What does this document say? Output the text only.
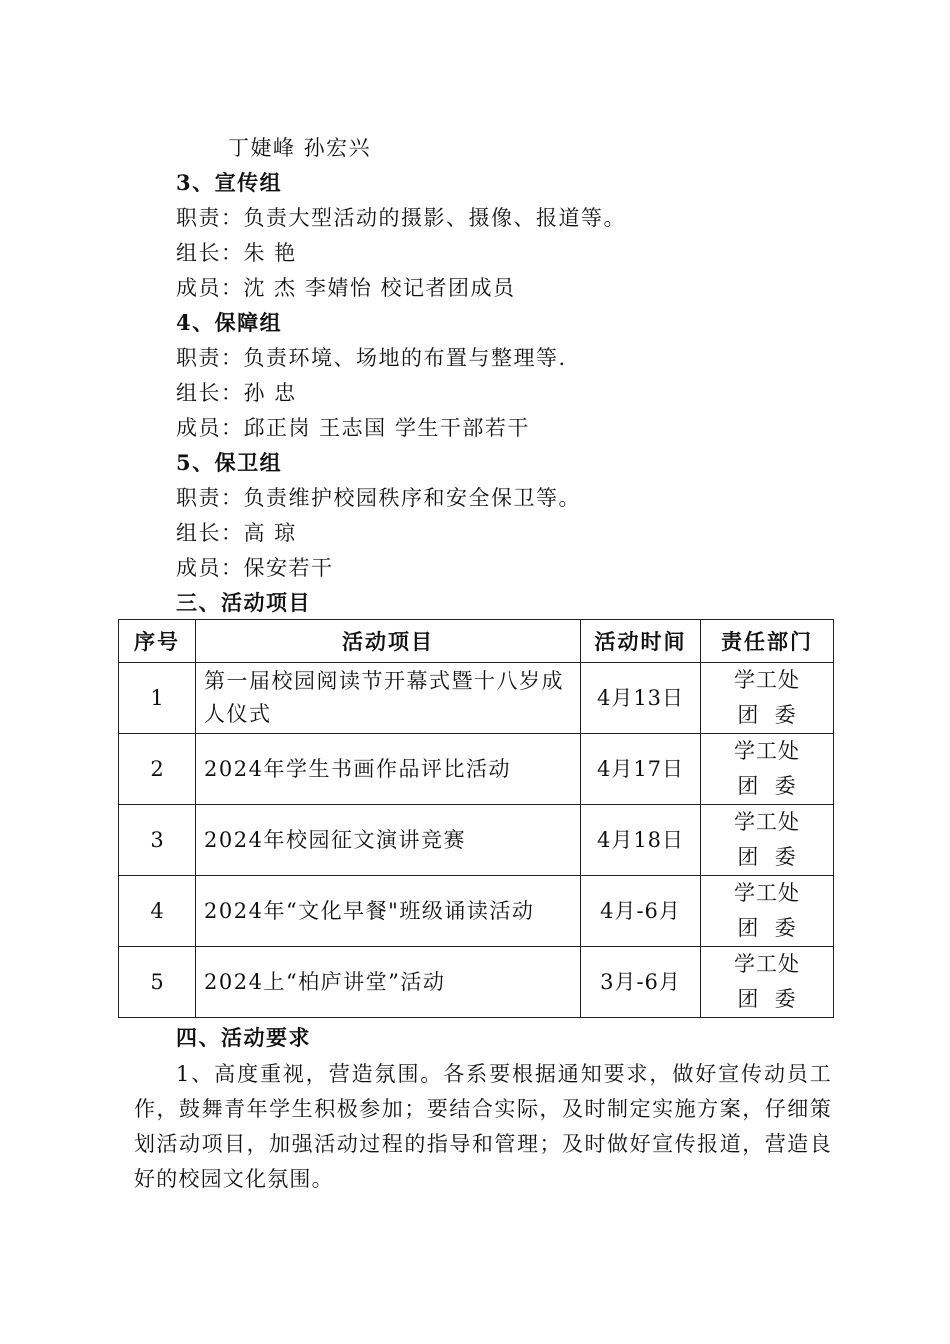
丁婕峰 孙宏兴
3、宣传组
职责：负责大型活动的摄影、摄像、报道等。
组长：朱 艳
成员：沈 杰 李婧怡 校记者团成员
4、保障组
职责：负责环境、场地的布置与整理等.
组长：孙 忠
成员：邱正岗 王志国 学生干部若干
5、保卫组
职责：负责维护校园秩序和安全保卫等。
组长：高 琼
成员：保安若干
三、活动项目
序号	活动项目	活动时间	责任部门
1	第一届校园阅读节开幕式暨十八岁成人仪式	4月13日	学工处
团  委

2	2024年学生书画作品评比活动	4月17日	学工处
团  委

3	2024年校园征文演讲竞赛	4月18日	学工处
团  委

4	2024年“文化早餐"班级诵读活动	4月-6月	学工处
团  委

5	2024上“柏庐讲堂”活动	3月-6月	学工处
团  委
四、活动要求
1、高度重视，营造氛围。各系要根据通知要求，做好宣传动员工作，鼓舞青年学生积极参加；要结合实际，及时制定实施方案，仔细策划活动项目，加强活动过程的指导和管理；及时做好宣传报道，营造良好的校园文化氛围。
